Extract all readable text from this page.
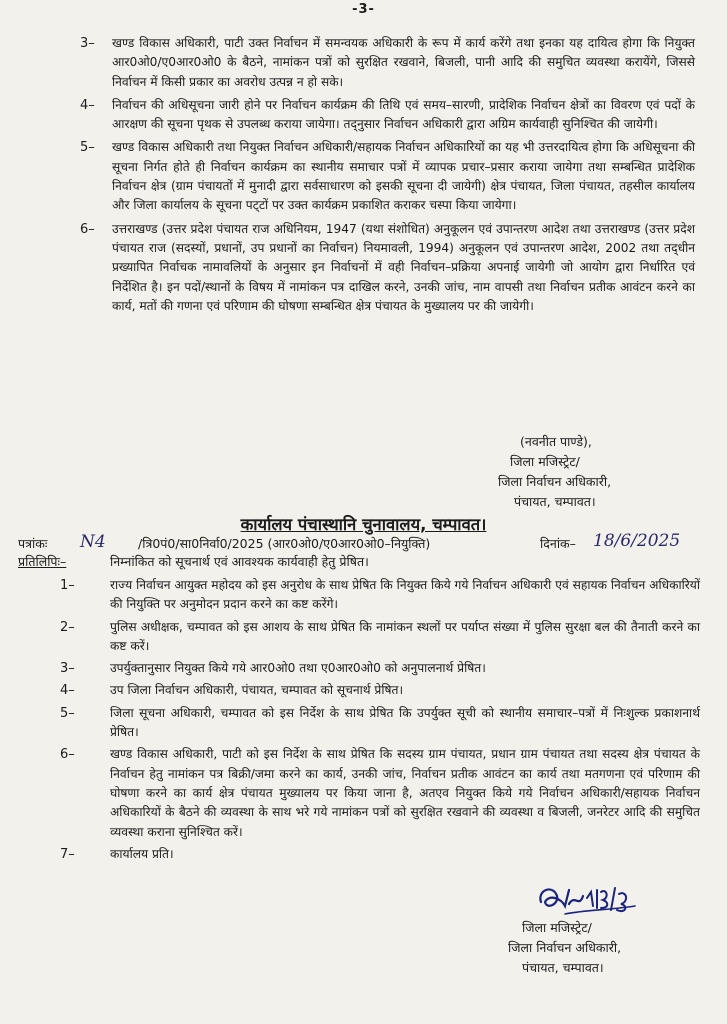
-3-
3– खण्ड विकास अधिकारी, पाटी उक्त निर्वाचन में समन्वयक अधिकारी के रूप में कार्य करेंगे तथा इनका यह दायित्व होगा कि नियुक्त आर0ओ0/ए0आर0ओ0 के बैठने, नामांकन पत्रों को सुरक्षित रखवाने, बिजली, पानी आदि की समुचित व्यवस्था करायेंगे, जिससे निर्वाचन में किसी प्रकार का अवरोध उत्पन्न न हो सके।
4– निर्वाचन की अधिसूचना जारी होने पर निर्वाचन कार्यक्रम की तिथि एवं समय–सारणी, प्रादेशिक निर्वाचन क्षेत्रों का विवरण एवं पदों के आरक्षण की सूचना पृथक से उपलब्ध कराया जायेगा। तद्नुसार निर्वाचन अधिकारी द्वारा अग्रिम कार्यवाही सुनिश्चित की जायेगी।
5– खण्ड विकास अधिकारी तथा नियुक्त निर्वाचन अधिकारी/सहायक निर्वाचन अधिकारियों का यह भी उत्तरदायित्व होगा कि अधिसूचना की सूचना निर्गत होते ही निर्वाचन कार्यक्रम का स्थानीय समाचार पत्रों में व्यापक प्रचार–प्रसार कराया जायेगा तथा सम्बन्धित प्रादेशिक निर्वाचन क्षेत्र (ग्राम पंचायतों में मुनादी द्वारा सर्वसाधारण को इसकी सूचना दी जायेगी) क्षेत्र पंचायत, जिला पंचायत, तहसील कार्यालय और जिला कार्यालय के सूचना पट्‌टों पर उक्त कार्यक्रम प्रकाशित कराकर चस्पा किया जायेगा।
6– उत्तराखण्ड (उत्तर प्रदेश पंचायत राज अधिनियम, 1947 (यथा संशोधित) अनुकूलन एवं उपान्तरण आदेश तथा उत्तराखण्ड (उत्तर प्रदेश पंचायत राज (सदस्यों, प्रधानों, उप प्रधानों का निर्वाचन) नियमावली, 1994) अनुकूलन एवं उपान्तरण आदेश, 2002 तथा तद्‌धीन प्रख्यापित निर्वाचक नामावलियों के अनुसार इन निर्वाचनों में वही निर्वाचन–प्रक्रिया अपनाई जायेगी जो आयोग द्वारा निर्धारित एवं निर्देशित है। इन पदों/स्थानों के विषय में नामांकन पत्र दाखिल करने, उनकी जांच, नाम वापसी तथा निर्वाचन प्रतीक आवंटन करने का कार्य, मतों की गणना एवं परिणाम की घोषणा सम्बन्धित क्षेत्र पंचायत के मुख्यालय पर की जायेगी।
(नवनीत पाण्डे),
जिला मजिस्ट्रेट/
जिला निर्वाचन अधिकारी,
पंचायत, चम्पावत।
कार्यालय पंचास्थानि चुनावालय, चम्पावत।
पत्रांकः N4	/त्रि0पं0/सा0निर्वा0/2025 (आर0ओ0/ए0आर0ओ0–नियुक्ति)	दिनांक– 18/6/2025
प्रतिलिपिः–	निम्नांकित को सूचनार्थ एवं आवश्यक कार्यवाही हेतु प्रेषित।
1–	राज्य निर्वाचन आयुक्त महोदय को इस अनुरोध के साथ प्रेषित कि नियुक्त किये गये निर्वाचन अधिकारी एवं सहायक निर्वाचन अधिकारियों की नियुक्ति पर अनुमोदन प्रदान करने का कष्ट करेंगे।
2–	पुलिस अधीक्षक, चम्पावत को इस आशय के साथ प्रेषित कि नामांकन स्थलों पर पर्याप्त संख्या में पुलिस सुरक्षा बल की तैनाती करने का कष्ट करें।
3–	उपर्युक्तानुसार नियुक्त किये गये आर0ओ0 तथा ए0आर0ओ0 को अनुपालनार्थ प्रेषित।
4–	उप जिला निर्वाचन अधिकारी, पंचायत, चम्पावत को सूचनार्थ प्रेषित।
5–	जिला सूचना अधिकारी, चम्पावत को इस निर्देश के साथ प्रेषित कि उपर्युक्त सूची को स्थानीय समाचार–पत्रों में निःशुल्क प्रकाशनार्थ प्रेषित।
6–	खण्ड विकास अधिकारी, पाटी को इस निर्देश के साथ प्रेषित कि सदस्य ग्राम पंचायत, प्रधान ग्राम पंचायत तथा सदस्य क्षेत्र पंचायत के निर्वाचन हेतु नामांकन पत्र बिक्री/जमा करने का कार्य, उनकी जांच, निर्वाचन प्रतीक आवंटन का कार्य तथा मतगणना एवं परिणाम की घोषणा करने का कार्य क्षेत्र पंचायत मुख्यालय पर किया जाना है, अतएव नियुक्त किये गये निर्वाचन अधिकारी/सहायक निर्वाचन अधिकारियों के बैठने की व्यवस्था के साथ भरे गये नामांकन पत्रों को सुरक्षित रखवाने की व्यवस्था व बिजली, जनरेटर आदि की समुचित व्यवस्था कराना सुनिश्चित करें।
7–	कार्यालय प्रति।
जिला मजिस्ट्रेट/
जिला निर्वाचन अधिकारी,
पंचायत, चम्पावत।
